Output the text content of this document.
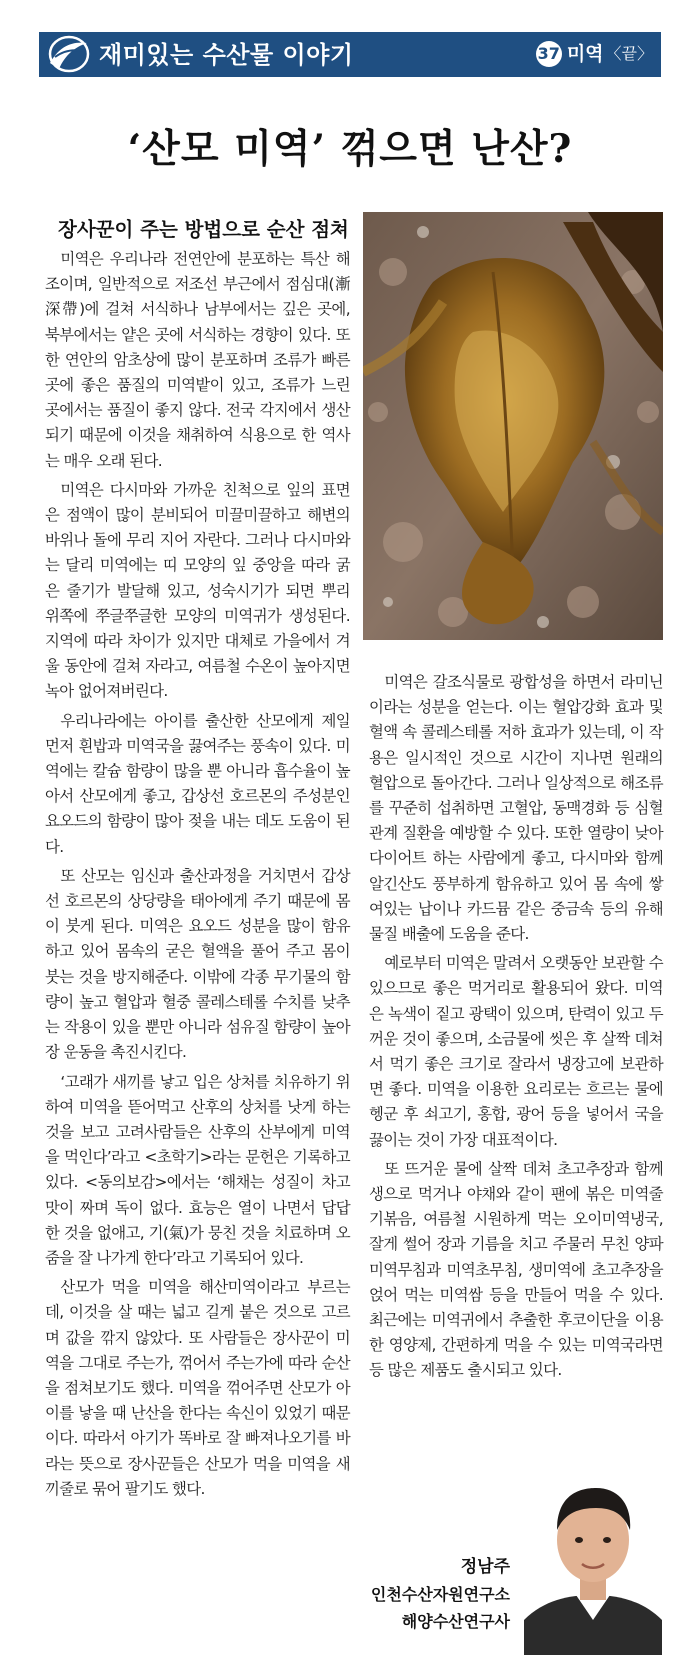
재미있는 수산물 이야기	37 미역 〈끝〉
‘산모 미역’ 꺾으면 난산?
장사꾼이 주는 방법으로 순산 점쳐

미역은 우리나라 전연안에 분포하는 특산 해조이며, 일반적으로 저조선 부근에서 점심대(漸深帶)에 걸쳐 서식하나 남부에서는 깊은 곳에, 북부에서는 얕은 곳에 서식하는 경향이 있다. 또한 연안의 암초상에 많이 분포하며 조류가 빠른 곳에 좋은 품질의 미역밭이 있고, 조류가 느린 곳에서는 품질이 좋지 않다. 전국 각지에서 생산되기 때문에 이것을 채취하여 식용으로 한 역사는 매우 오래 된다.

미역은 다시마와 가까운 친척으로 잎의 표면은 점액이 많이 분비되어 미끌미끌하고 해변의 바위나 돌에 무리 지어 자란다. 그러나 다시마와는 달리 미역에는 띠 모양의 잎 중앙을 따라 굵은 줄기가 발달해 있고, 성숙시기가 되면 뿌리 위쪽에 쭈글쭈글한 모양의 미역귀가 생성된다. 지역에 따라 차이가 있지만 대체로 가을에서 겨울 동안에 걸쳐 자라고, 여름철 수온이 높아지면 녹아 없어져버린다.

우리나라에는 아이를 출산한 산모에게 제일 먼저 흰밥과 미역국을 끓여주는 풍속이 있다. 미역에는 칼슘 함량이 많을 뿐 아니라 흡수율이 높아서 산모에게 좋고, 갑상선 호르몬의 주성분인 요오드의 함량이 많아 젖을 내는 데도 도움이 된다.

또 산모는 임신과 출산과정을 거치면서 갑상선 호르몬의 상당량을 태아에게 주기 때문에 몸이 붓게 된다. 미역은 요오드 성분을 많이 함유하고 있어 몸속의 굳은 혈액을 풀어 주고 몸이 붓는 것을 방지해준다. 이밖에 각종 무기물의 함량이 높고 혈압과 혈중 콜레스테롤 수치를 낮추는 작용이 있을 뿐만 아니라 섬유질 함량이 높아 장 운동을 촉진시킨다.

‘고래가 새끼를 낳고 입은 상처를 치유하기 위하여 미역을 뜯어먹고 산후의 상처를 낫게 하는 것을 보고 고려사람들은 산후의 산부에게 미역을 먹인다’라고 <초학기>라는 문헌은 기록하고 있다. <동의보감>에서는 ‘해채는 성질이 차고 맛이 짜며 독이 없다. 효능은 열이 나면서 답답한 것을 없애고, 기(氣)가 뭉친 것을 치료하며 오줌을 잘 나가게 한다’라고 기록되어 있다.

산모가 먹을 미역을 해산미역이라고 부르는데, 이것을 살 때는 넓고 길게 붙은 것으로 고르며 값을 깎지 않았다. 또 사람들은 장사꾼이 미역을 그대로 주는가, 꺾어서 주는가에 따라 순산을 점쳐보기도 했다. 미역을 꺾어주면 산모가 아이를 낳을 때 난산을 한다는 속신이 있었기 때문이다. 따라서 아기가 똑바로 잘 빠져나오기를 바라는 뜻으로 장사꾼들은 산모가 먹을 미역을 새끼줄로 묶어 팔기도 했다.

미역은 갈조식물로 광합성을 하면서 라미닌이라는 성분을 얻는다. 이는 혈압강화 효과 및 혈액 속 콜레스테롤 저하 효과가 있는데, 이 작용은 일시적인 것으로 시간이 지나면 원래의 혈압으로 돌아간다. 그러나 일상적으로 해조류를 꾸준히 섭취하면 고혈압, 동맥경화 등 심혈관계 질환을 예방할 수 있다. 또한 열량이 낮아 다이어트 하는 사람에게 좋고, 다시마와 함께 알긴산도 풍부하게 함유하고 있어 몸 속에 쌓여있는 납이나 카드뮴 같은 중금속 등의 유해 물질 배출에 도움을 준다.

예로부터 미역은 말려서 오랫동안 보관할 수 있으므로 좋은 먹거리로 활용되어 왔다. 미역은 녹색이 짙고 광택이 있으며, 탄력이 있고 두꺼운 것이 좋으며, 소금물에 씻은 후 살짝 데쳐서 먹기 좋은 크기로 잘라서 냉장고에 보관하면 좋다. 미역을 이용한 요리로는 흐르는 물에 헹군 후 쇠고기, 홍합, 광어 등을 넣어서 국을 끓이는 것이 가장 대표적이다.

또 뜨거운 물에 살짝 데쳐 초고추장과 함께 생으로 먹거나 야채와 같이 팬에 볶은 미역줄기볶음, 여름철 시원하게 먹는 오이미역냉국, 잘게 썰어 장과 기름을 치고 주물러 무친 양파미역무침과 미역초무침, 생미역에 초고추장을 얹어 먹는 미역쌈 등을 만들어 먹을 수 있다. 최근에는 미역귀에서 추출한 후코이단을 이용한 영양제, 간편하게 먹을 수 있는 미역국라면 등 많은 제품도 출시되고 있다.

정남주
인천수산자원연구소
해양수산연구사
